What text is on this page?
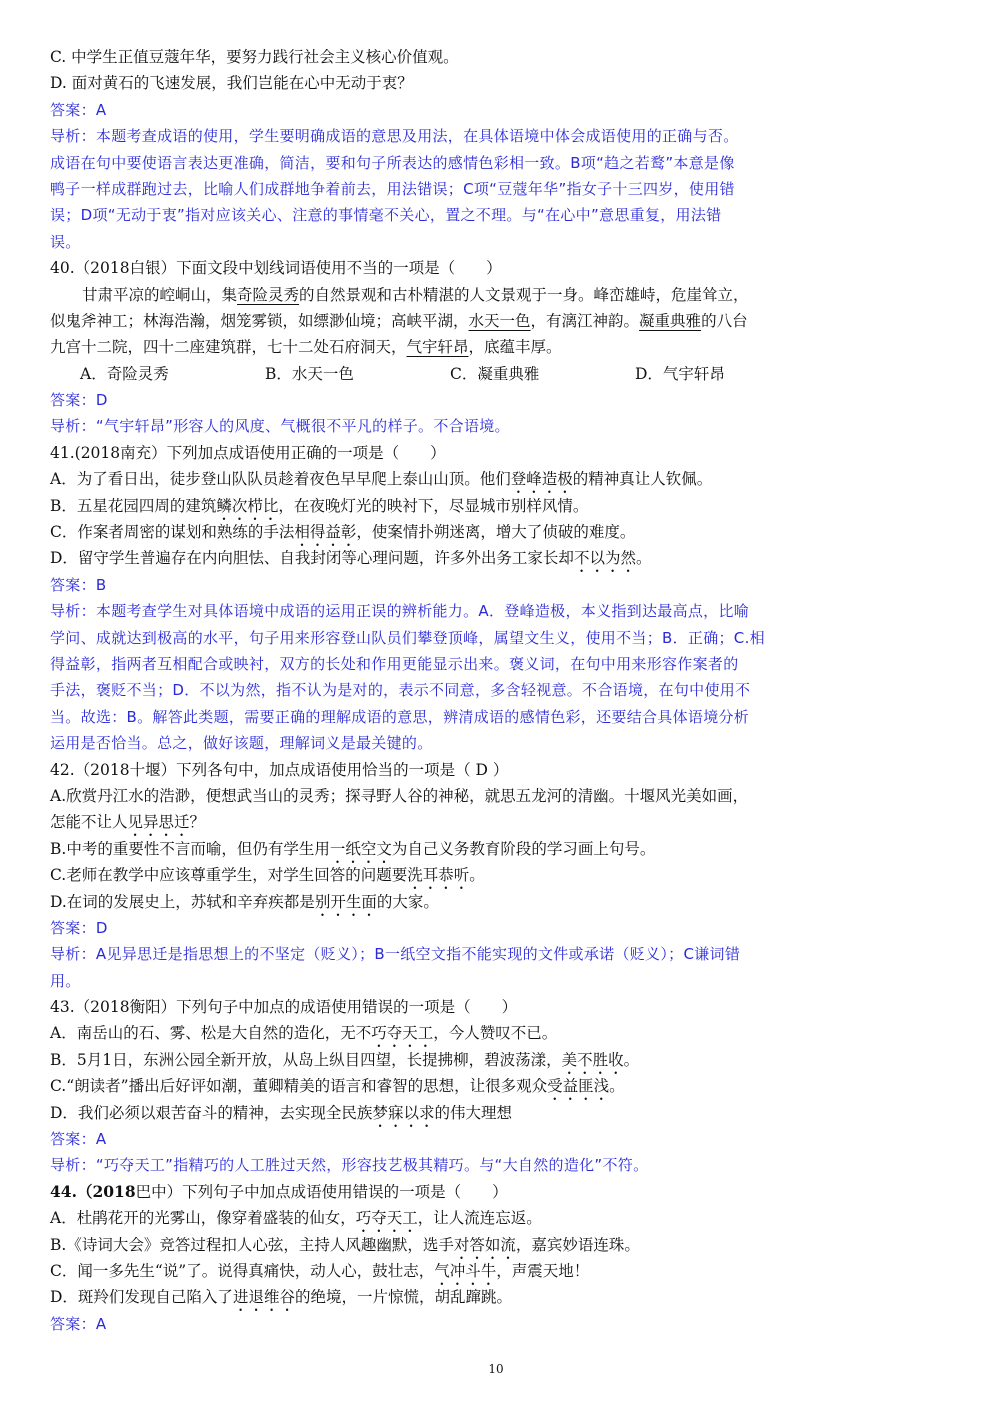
C. 中学生正值豆蔻年华，要努力践行社会主义核心价值观。
D. 面对黄石的飞速发展，我们岂能在心中无动于衷？
答案：A
导析：本题考查成语的使用，学生要明确成语的意思及用法，在具体语境中体会成语使用的正确与否。
成语在句中要使语言表达更准确，简洁，要和句子所表达的感情色彩相一致。B项“趋之若鹜”本意是像
鸭子一样成群跑过去，比喻人们成群地争着前去，用法错误；C项“豆蔻年华”指女子十三四岁，使用错
误；D项“无动于衷”指对应该关心、注意的事情毫不关心，置之不理。与“在心中”意思重复，用法错
误。
40.（2018白银）下面文段中划线词语使用不当的一项是（　　）
甘肃平凉的崆峒山，集奇险灵秀的自然景观和古朴精湛的人文景观于一身。峰峦雄峙，危崖耸立，
似鬼斧神工；林海浩瀚，烟笼雾锁，如缥渺仙境；高峡平湖，水天一色，有漓江神韵。凝重典雅的八台
九宫十二院，四十二座建筑群，七十二处石府洞天，气宇轩昂，底蕴丰厚。
A．奇险灵秀	B．水天一色	C．凝重典雅	D．气宇轩昂
答案：D
导析：“气宇轩昂”形容人的风度、气概很不平凡的样子。不合语境。
41.(2018南充）下列加点成语使用正确的一项是（　　）
A．为了看日出，徒步登山队队员趁着夜色早早爬上泰山山顶。他们登峰造极的精神真让人钦佩。
B．五星花园四周的建筑鳞次栉比，在夜晚灯光的映衬下，尽显城市别样风情。
C．作案者周密的谋划和熟练的手法相得益彰，使案情扑朔迷离，增大了侦破的难度。
D．留守学生普遍存在内向胆怯、自我封闭等心理问题，许多外出务工家长却不以为然。
答案：B
导析：本题考查学生对具体语境中成语的运用正误的辨析能力。A．登峰造极，本义指到达最高点，比喻
学问、成就达到极高的水平，句子用来形容登山队员们攀登顶峰，属望文生义，使用不当；B．正确；C.相
得益彰，指两者互相配合或映衬，双方的长处和作用更能显示出来。褒义词，在句中用来形容作案者的
手法，褒贬不当；D．不以为然，指不认为是对的，表示不同意，多含轻视意。不合语境，在句中使用不
当。故选：B。解答此类题，需要正确的理解成语的意思，辨清成语的感情色彩，还要结合具体语境分析
运用是否恰当。总之，做好该题，理解词义是最关键的。
42.（2018十堰）下列各句中，加点成语使用恰当的一项是（ D ）
A.欣赏丹江水的浩渺，便想武当山的灵秀；探寻野人谷的神秘，就思五龙河的清幽。十堰风光美如画，
怎能不让人见异思迁？
B.中考的重要性不言而喻，但仍有学生用一纸空文为自己义务教育阶段的学习画上句号。
C.老师在教学中应该尊重学生，对学生回答的问题要洗耳恭听。
D.在词的发展史上，苏轼和辛弃疾都是别开生面的大家。
答案：D
导析：A见异思迁是指思想上的不坚定（贬义）；B一纸空文指不能实现的文件或承诺（贬义）；C谦词错
用。
43.（2018衡阳）下列句子中加点的成语使用错误的一项是（　　）
A．南岳山的石、雾、松是大自然的造化，无不巧夺天工，今人赞叹不已。
B．5月1日，东洲公园全新开放，从岛上纵目四望，长提拂柳，碧波荡漾，美不胜收。
C.“朗读者”播出后好评如潮，董卿精美的语言和睿智的思想，让很多观众受益匪浅。
D．我们必须以艰苦奋斗的精神，去实现全民族梦寐以求的伟大理想
答案：A
导析：“巧夺天工”指精巧的人工胜过天然，形容技艺极其精巧。与“大自然的造化”不符。
44.（2018巴中）下列句子中加点成语使用错误的一项是（　　）
A．杜鹃花开的光雾山，像穿着盛装的仙女，巧夺天工，让人流连忘返。
B.《诗词大会》竞答过程扣人心弦，主持人风趣幽默，选手对答如流，嘉宾妙语连珠。
C．闻一多先生“说”了。说得真痛快，动人心，鼓壮志，气冲斗牛，声震天地！
D．斑羚们发现自己陷入了进退维谷的绝境，一片惊慌，胡乱蹿跳。
答案：A
10
